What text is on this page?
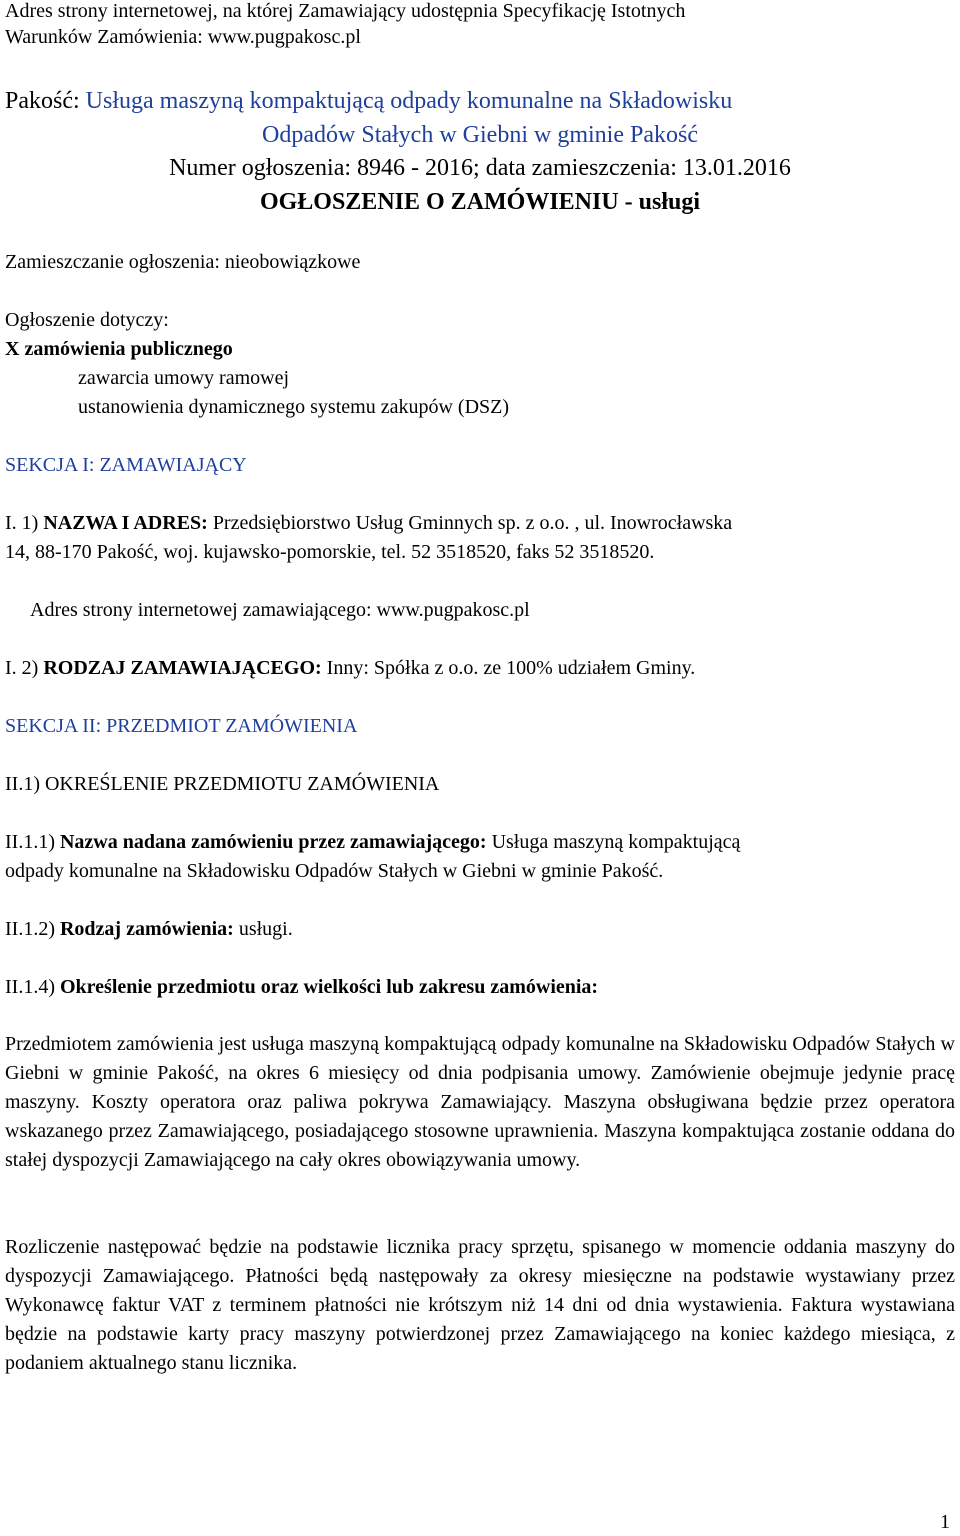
Adres strony internetowej, na której Zamawiający udostępnia Specyfikację Istotnych
Warunków Zamówienia: www.pugpakosc.pl
Pakość: Usługa maszyną kompaktującą odpady komunalne na Składowisku
Odpadów Stałych w Giebni w gminie Pakość
Numer ogłoszenia: 8946 - 2016; data zamieszczenia: 13.01.2016
OGŁOSZENIE O ZAMÓWIENIU - usługi
Zamieszczanie ogłoszenia: nieobowiązkowe
Ogłoszenie dotyczy:
X zamówienia publicznego
zawarcia umowy ramowej
ustanowienia dynamicznego systemu zakupów (DSZ)
SEKCJA I: ZAMAWIAJĄCY
I. 1) NAZWA I ADRES: Przedsiębiorstwo Usług Gminnych sp. z o.o. , ul. Inowrocławska
14, 88-170 Pakość, woj. kujawsko-pomorskie, tel. 52 3518520, faks 52 3518520.
Adres strony internetowej zamawiającego: www.pugpakosc.pl
I. 2) RODZAJ ZAMAWIAJĄCEGO: Inny: Spółka z o.o. ze 100% udziałem Gminy.
SEKCJA II: PRZEDMIOT ZAMÓWIENIA
II.1) OKREŚLENIE PRZEDMIOTU ZAMÓWIENIA
II.1.1) Nazwa nadana zamówieniu przez zamawiającego: Usługa maszyną kompaktującą
odpady komunalne na Składowisku Odpadów Stałych w Giebni w gminie Pakość.
II.1.2) Rodzaj zamówienia: usługi.
II.1.4) Określenie przedmiotu oraz wielkości lub zakresu zamówienia:
Przedmiotem zamówienia jest usługa maszyną kompaktującą odpady komunalne na Składowisku Odpadów Stałych w Giebni w gminie Pakość, na okres 6 miesięcy od dnia podpisania umowy. Zamówienie obejmuje jedynie pracę maszyny. Koszty operatora oraz paliwa pokrywa Zamawiający. Maszyna obsługiwana będzie przez operatora wskazanego przez Zamawiającego, posiadającego stosowne uprawnienia. Maszyna kompaktująca zostanie oddana do stałej dyspozycji Zamawiającego na cały okres obowiązywania umowy.
Rozliczenie następować będzie na podstawie licznika pracy sprzętu, spisanego w momencie oddania maszyny do dyspozycji Zamawiającego. Płatności będą następowały za okresy miesięczne na podstawie wystawiany przez Wykonawcę faktur VAT z terminem płatności nie krótszym niż 14 dni od dnia wystawienia. Faktura wystawiana będzie na podstawie karty pracy maszyny potwierdzonej przez Zamawiającego na koniec każdego miesiąca, z podaniem aktualnego stanu licznika.
1
